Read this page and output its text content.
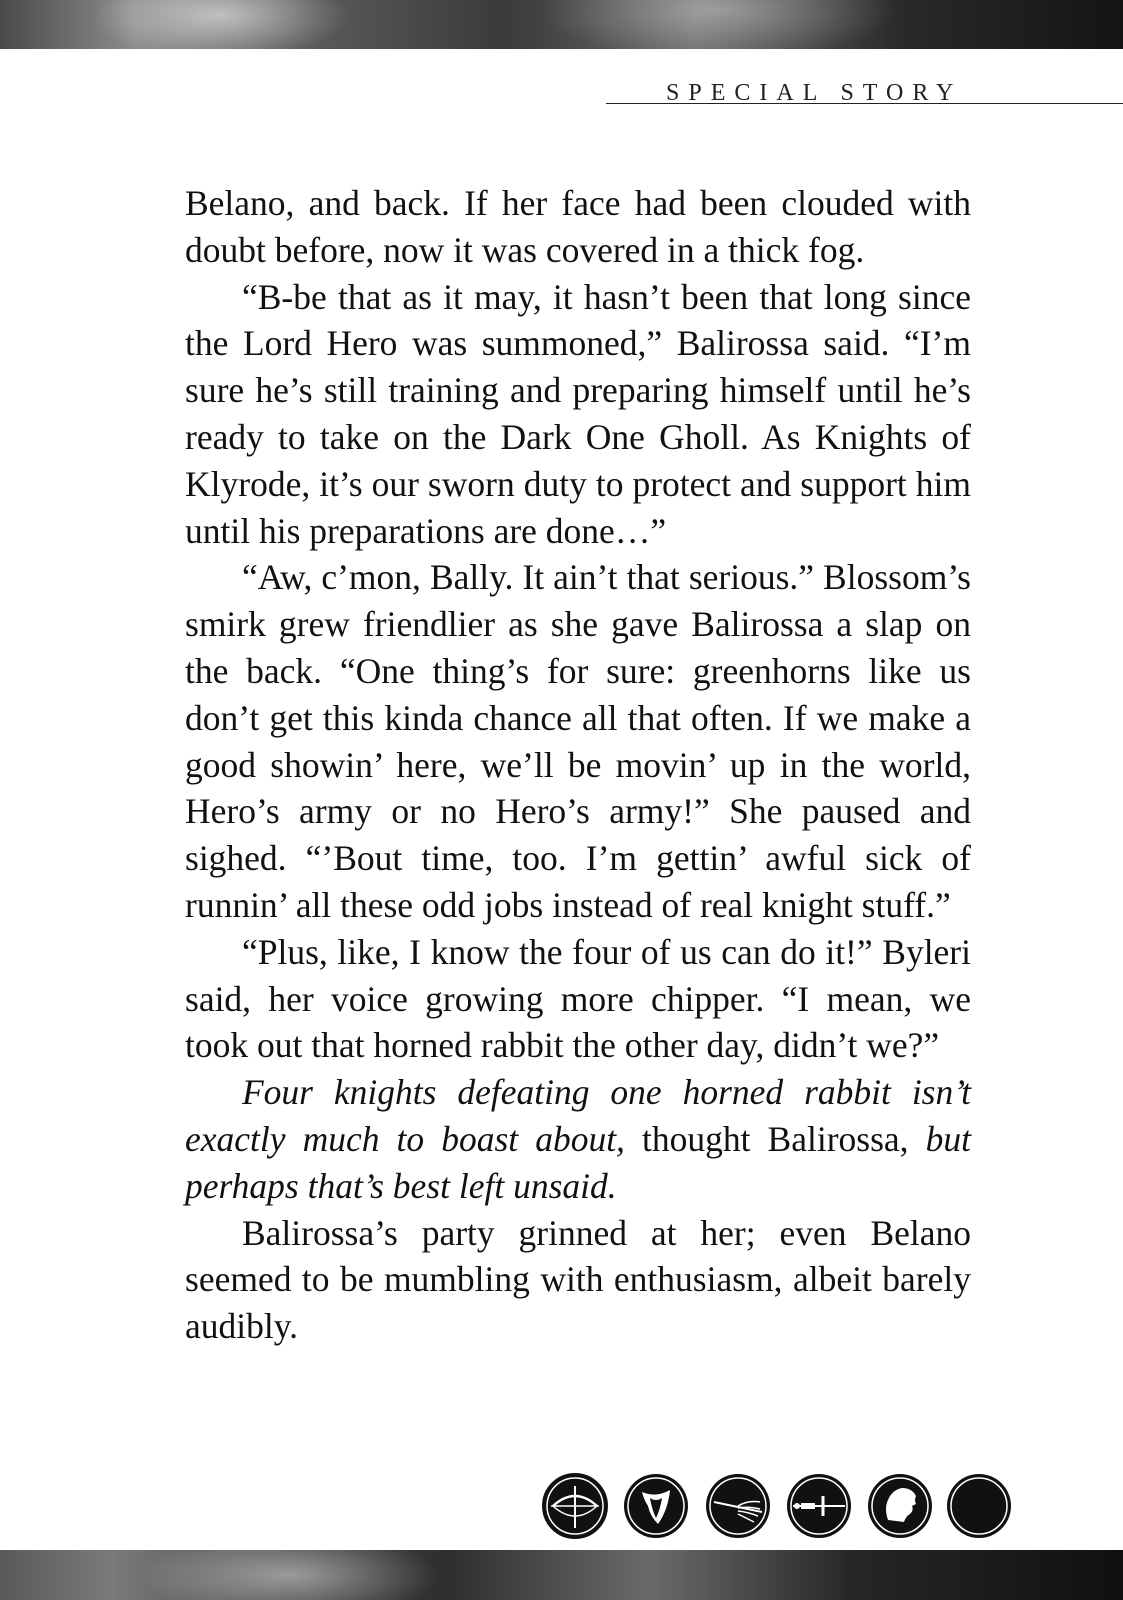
SPECIAL STORY

Belano, and back. If her face had been clouded with doubt before, now it was covered in a thick fog.

“B-be that as it may, it hasn’t been that long since the Lord Hero was summoned,” Balirossa said. “I’m sure he’s still training and preparing himself until he’s ready to take on the Dark One Gholl. As Knights of Klyrode, it’s our sworn duty to protect and support him until his preparations are done…”

“Aw, c’mon, Bally. It ain’t that serious.” Blossom’s smirk grew friendlier as she gave Balirossa a slap on the back. “One thing’s for sure: greenhorns like us don’t get this kinda chance all that often. If we make a good showin’ here, we’ll be movin’ up in the world, Hero’s army or no Hero’s army!” She paused and sighed. “’Bout time, too. I’m gettin’ awful sick of runnin’ all these odd jobs instead of real knight stuff.”

“Plus, like, I know the four of us can do it!” Byleri said, her voice growing more chipper. “I mean, we took out that horned rabbit the other day, didn’t we?”

Four knights defeating one horned rabbit isn’t exactly much to boast about, thought Balirossa, but perhaps that’s best left unsaid.

Balirossa’s party grinned at her; even Belano seemed to be mumbling with enthusiasm, albeit barely audibly.
